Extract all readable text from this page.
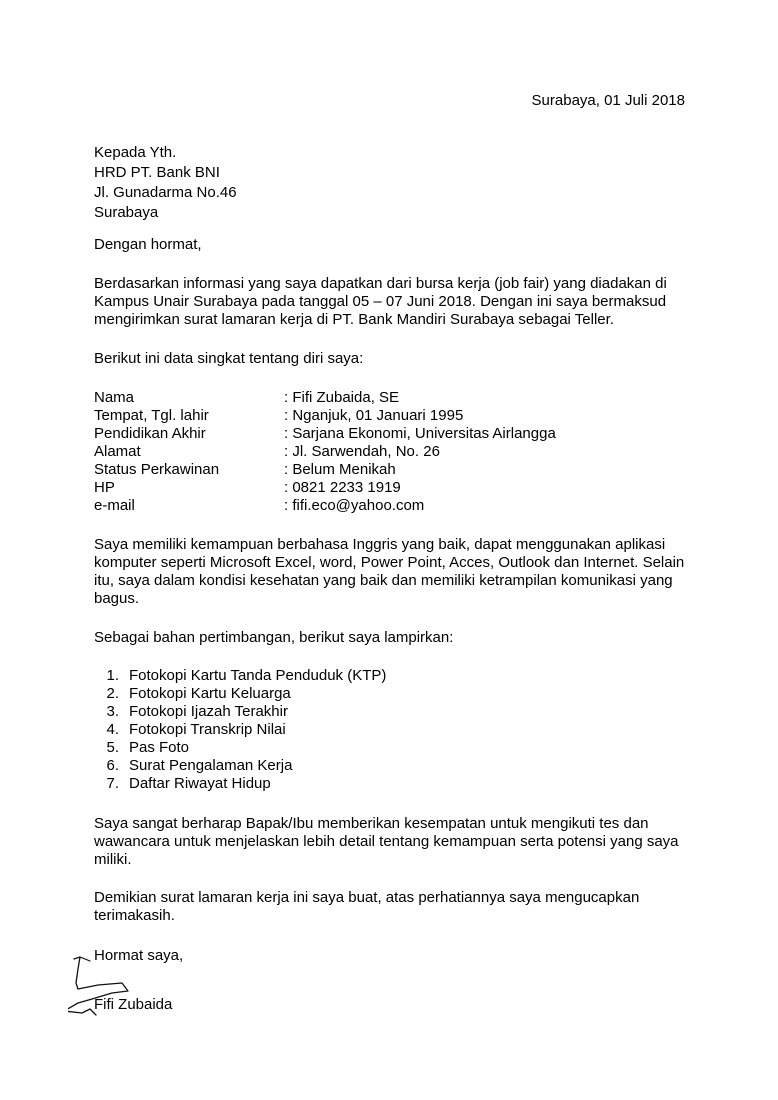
Surabaya, 01 Juli 2018

Kepada Yth.
HRD PT. Bank BNI
Jl. Gunadarma No.46
Surabaya
Dengan hormat,

Berdasarkan informasi yang saya dapatkan dari bursa kerja (job fair) yang diadakan di Kampus Unair Surabaya pada tanggal 05 – 07 Juni 2018. Dengan ini saya bermaksud mengirimkan surat lamaran kerja di PT. Bank Mandiri Surabaya sebagai Teller.

Berikut ini data singkat tentang diri saya:

Nama	: Fifi Zubaida, SE
Tempat, Tgl. lahir	: Nganjuk, 01 Januari 1995
Pendidikan Akhir	: Sarjana Ekonomi, Universitas Airlangga
Alamat	: Jl. Sarwendah, No. 26
Status Perkawinan	: Belum Menikah
HP	: 0821 2233 1919
e-mail	: fifi.eco@yahoo.com

Saya memiliki kemampuan berbahasa Inggris yang baik, dapat menggunakan aplikasi komputer seperti Microsoft Excel, word, Power Point, Acces, Outlook dan Internet. Selain itu, saya dalam kondisi kesehatan yang baik dan memiliki ketrampilan komunikasi yang bagus.

Sebagai bahan pertimbangan, berikut saya lampirkan:

1. Fotokopi Kartu Tanda Penduduk (KTP)
2. Fotokopi Kartu Keluarga
3. Fotokopi Ijazah Terakhir
4. Fotokopi Transkrip Nilai
5. Pas Foto
6. Surat Pengalaman Kerja
7. Daftar Riwayat Hidup

Saya sangat berharap Bapak/Ibu memberikan kesempatan untuk mengikuti tes dan wawancara untuk menjelaskan lebih detail tentang kemampuan serta potensi yang saya miliki.

Demikian surat lamaran kerja ini saya buat, atas perhatiannya saya mengucapkan terimakasih.

Hormat saya,
Fifi Zubaida
